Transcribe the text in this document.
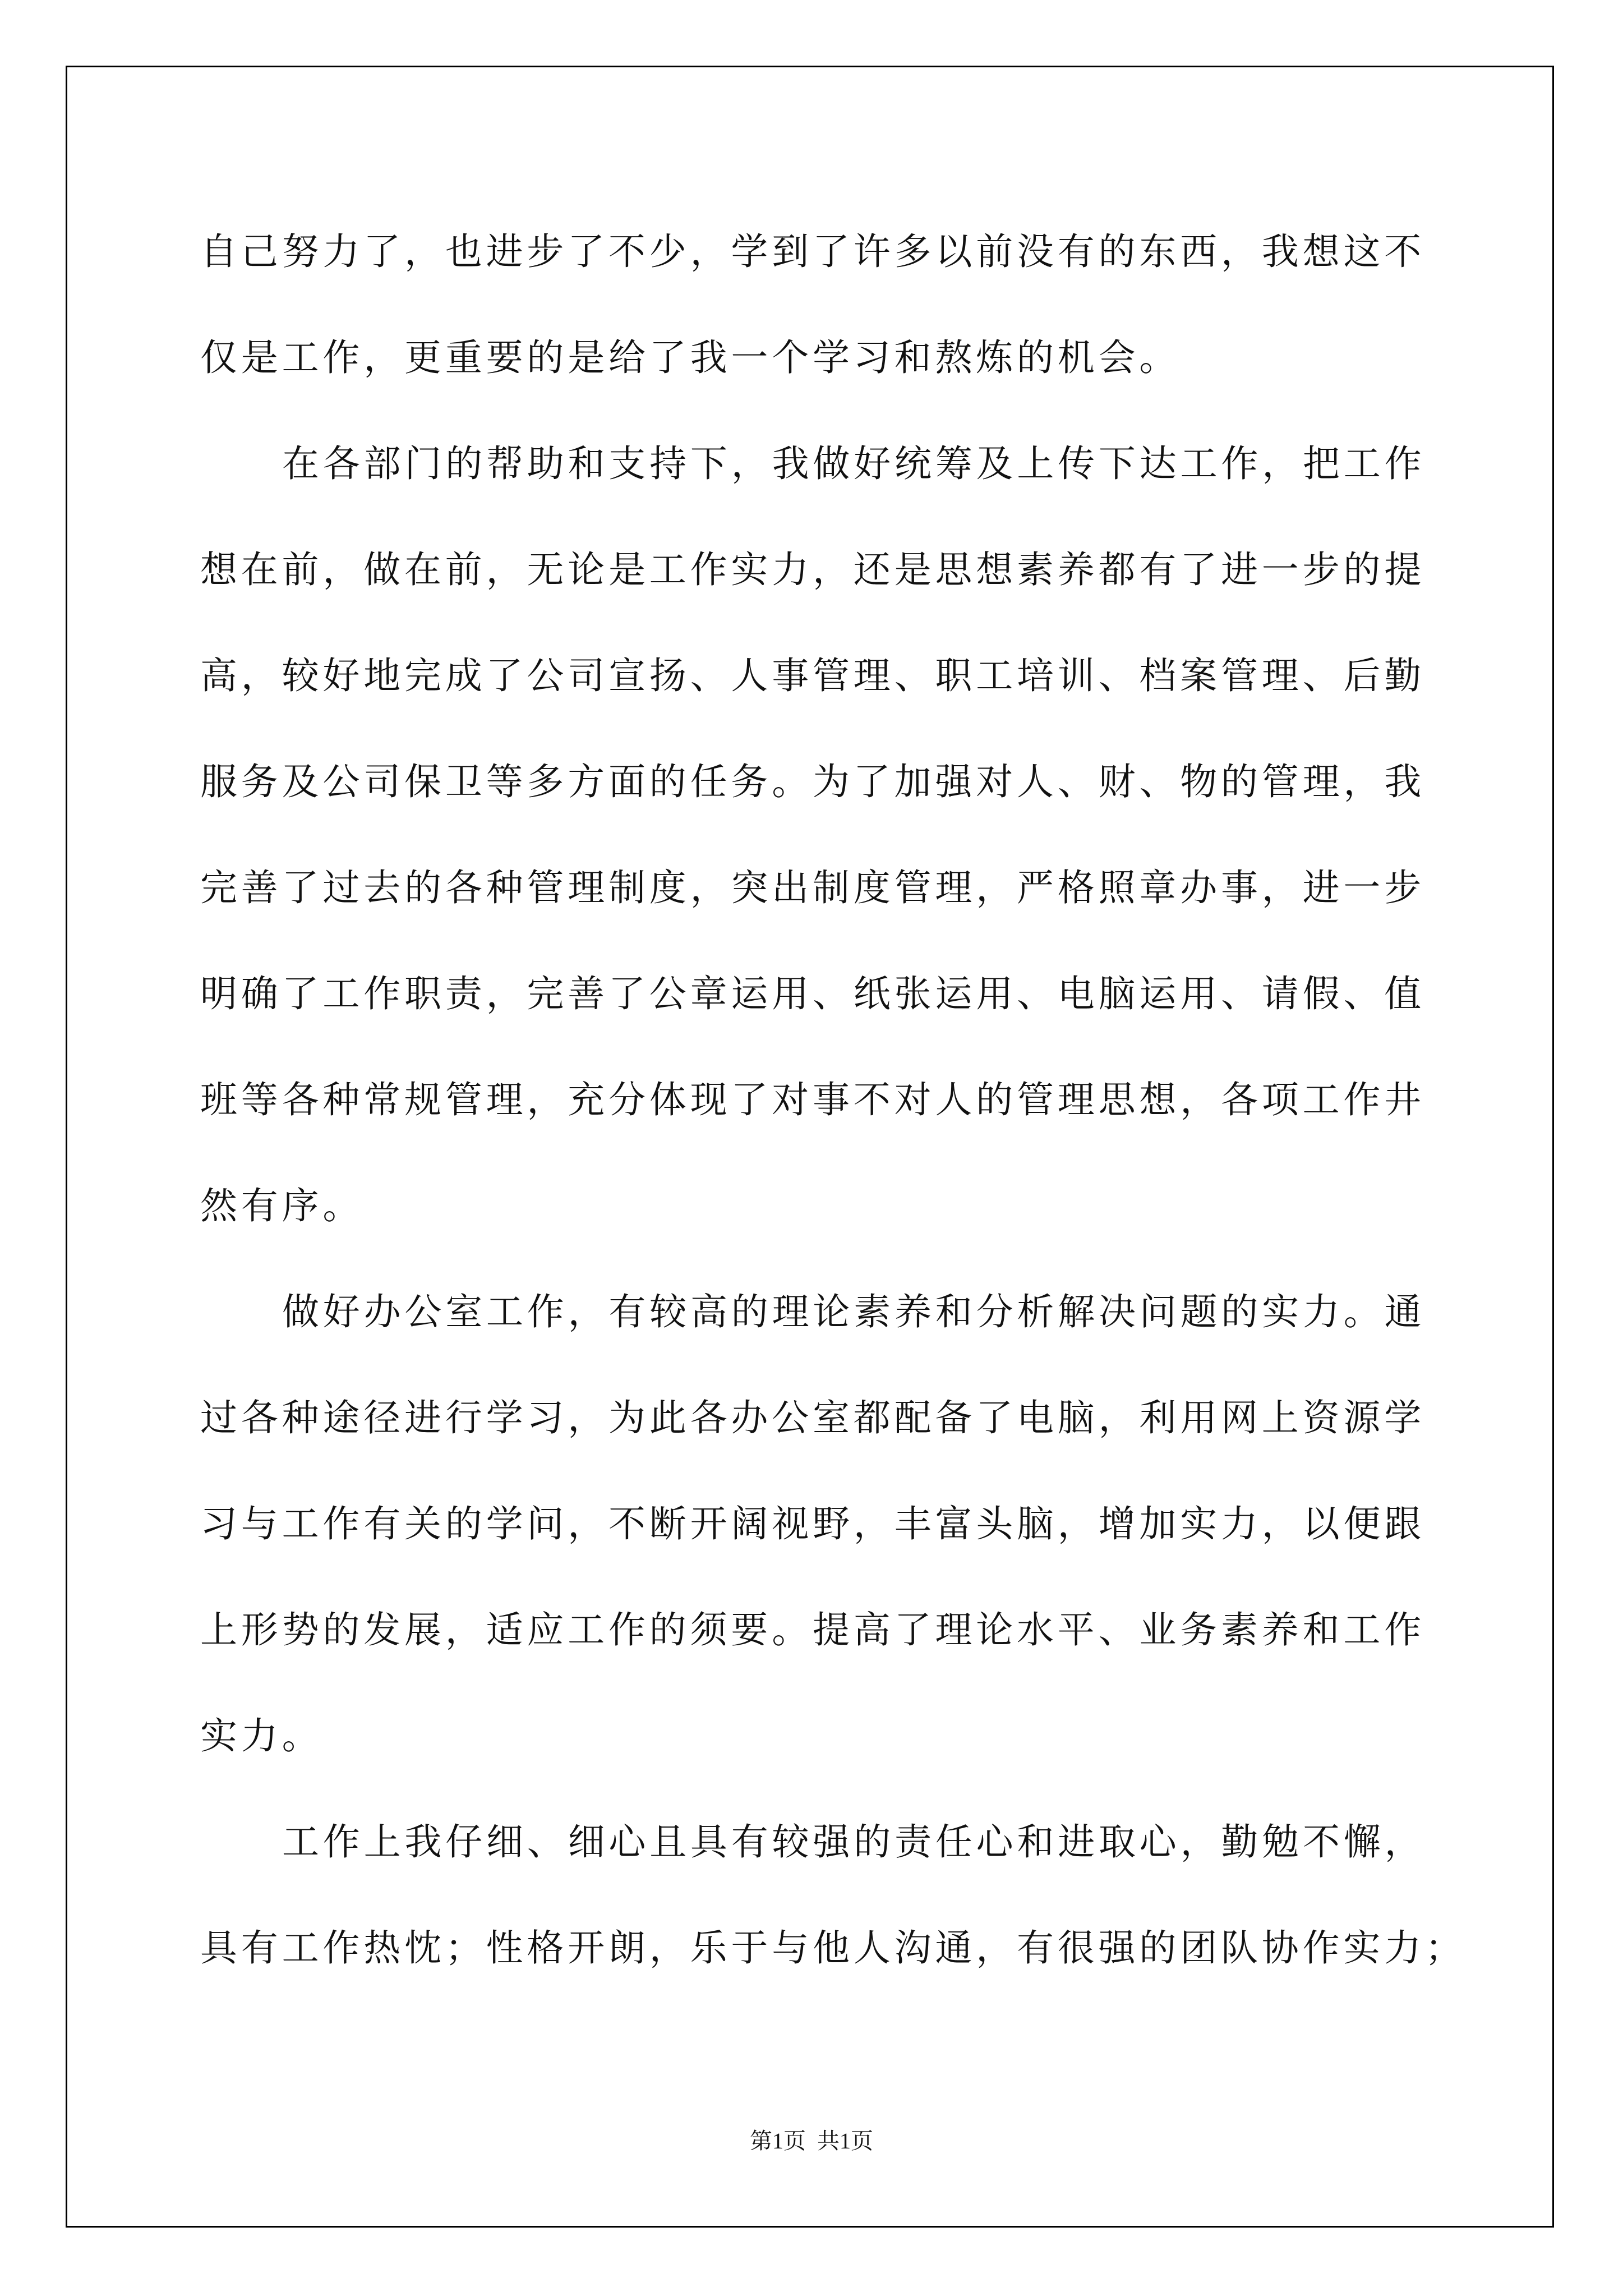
自己努力了，也进步了不少，学到了许多以前没有的东西，我想这不
仅是工作，更重要的是给了我一个学习和熬炼的机会。
在各部门的帮助和支持下，我做好统筹及上传下达工作，把工作
想在前，做在前，无论是工作实力，还是思想素养都有了进一步的提
高，较好地完成了公司宣扬、人事管理、职工培训、档案管理、后勤
服务及公司保卫等多方面的任务。为了加强对人、财、物的管理，我
完善了过去的各种管理制度，突出制度管理，严格照章办事，进一步
明确了工作职责，完善了公章运用、纸张运用、电脑运用、请假、值
班等各种常规管理，充分体现了对事不对人的管理思想，各项工作井
然有序。
做好办公室工作，有较高的理论素养和分析解决问题的实力。通
过各种途径进行学习，为此各办公室都配备了电脑，利用网上资源学
习与工作有关的学问，不断开阔视野，丰富头脑，增加实力，以便跟
上形势的发展，适应工作的须要。提高了理论水平、业务素养和工作
实力。
工作上我仔细、细心且具有较强的责任心和进取心，勤勉不懈，
具有工作热忱；性格开朗，乐于与他人沟通，有很强的团队协作实力；
第1页  共1页
